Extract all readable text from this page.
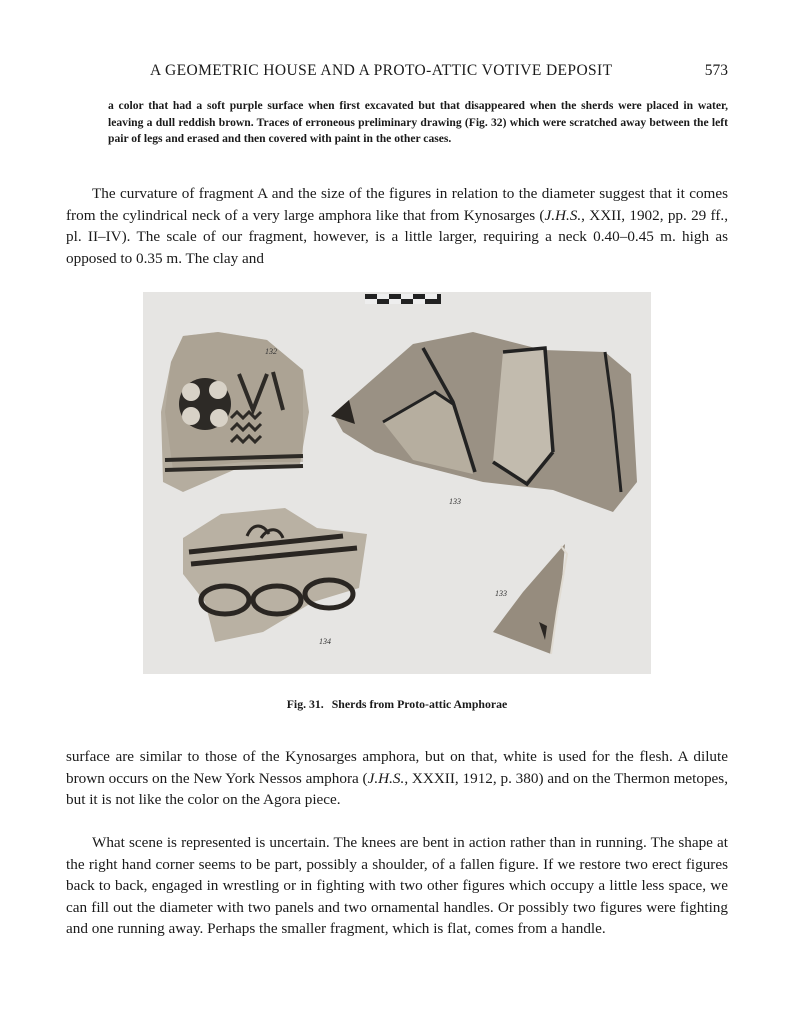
A GEOMETRIC HOUSE AND A PROTO-ATTIC VOTIVE DEPOSIT	573
a color that had a soft purple surface when first excavated but that disappeared when the sherds were placed in water, leaving a dull reddish brown. Traces of erroneous preliminary drawing (Fig. 32) which were scratched away between the left pair of legs and erased and then covered with paint in the other cases.

The curvature of fragment A and the size of the figures in relation to the diameter suggest that it comes from the cylindrical neck of a very large amphora like that from Kynosarges (J.H.S., XXII, 1902, pp. 29 ff., pl. II–IV). The scale of our fragment, however, is a little larger, requiring a neck 0.40–0.45 m. high as opposed to 0.35 m. The clay and

132
133
134
133
Fig. 31. Sherds from Proto-attic Amphorae

surface are similar to those of the Kynosarges amphora, but on that, white is used for the flesh. A dilute brown occurs on the New York Nessos amphora (J.H.S., XXXII, 1912, p. 380) and on the Thermon metopes, but it is not like the color on the Agora piece.

What scene is represented is uncertain. The knees are bent in action rather than in running. The shape at the right hand corner seems to be part, possibly a shoulder, of a fallen figure. If we restore two erect figures back to back, engaged in wrestling or in fighting with two other figures which occupy a little less space, we can fill out the diameter with two panels and two ornamental handles. Or possibly two figures were fighting and one running away. Perhaps the smaller fragment, which is flat, comes from a handle.
